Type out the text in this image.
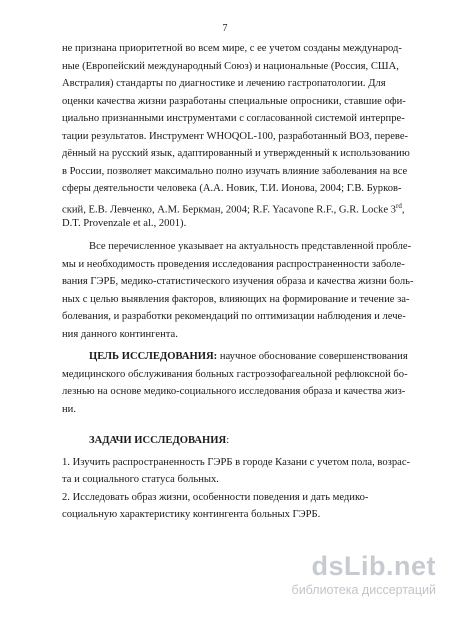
7
не признана приоритетной во всем мире, с ее учетом созданы международ-
ные (Европейский международный Союз) и национальные (Россия, США,
Австралия) стандарты по диагностике и лечению гастропатологии. Для
оценки качества жизни разработаны специальные опросники, ставшие офи-
циально признанными инструментами с согласованной системой интерпре-
тации результатов. Инструмент WHOQOL-100, разработанный ВОЗ, переве-
дённый на русский язык, адаптированный и утвержденный к использованию
в России, позволяет максимально полно изучать влияние заболевания на все
сферы деятельности человека (А.А. Новик, Т.И. Ионова, 2004; Г.В. Бурков-
ский, Е.В. Левченко, А.М. Беркман, 2004; R.F. Yacavone R.F., G.R. Locke 3rd,
D.T. Provenzale et al., 2001).
Все перечисленное указывает на актуальность представленной пробле-
мы и необходимость проведения исследования распространенности заболе-
вания ГЭРБ, медико-статистического изучения образа и качества жизни боль-
ных с целью выявления факторов, влияющих на формирование и течение за-
болевания, и разработки рекомендаций по оптимизации наблюдения и лече-
ния данного контингента.
ЦЕЛЬ ИССЛЕДОВАНИЯ: научное обоснование совершенствования
медицинского обслуживания больных гастроэзофагеальной рефлюксной бо-
лезнью на основе медико-социального исследования образа и качества жиз-
ни.
ЗАДАЧИ ИССЛЕДОВАНИЯ:
1. Изучить распространенность ГЭРБ в городе Казани с учетом пола, возрас-
та и социального статуса больных.
2. Исследовать образ жизни, особенности поведения и дать медико-
социальную характеристику контингента больных ГЭРБ.
dsLib.net
библиотека диссертаций
